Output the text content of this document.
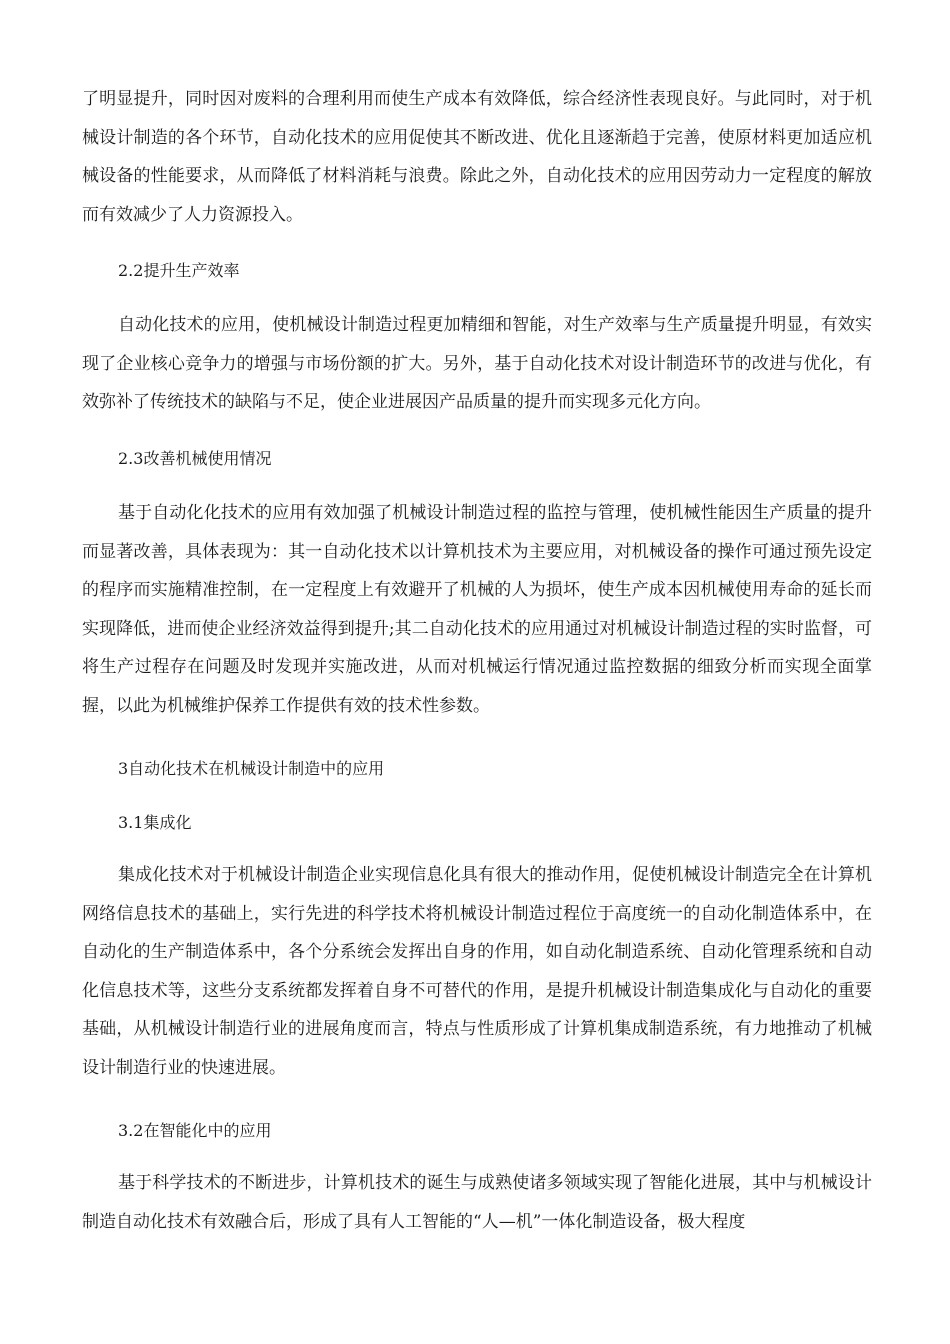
了明显提升，同时因对废料的合理利用而使生产成本有效降低，综合经济性表现良好。与此同时，对于机械设计制造的各个环节，自动化技术的应用促使其不断改进、优化且逐渐趋于完善，使原材料更加适应机械设备的性能要求，从而降低了材料消耗与浪费。除此之外，自动化技术的应用因劳动力一定程度的解放而有效减少了人力资源投入。
2.2提升生产效率
自动化技术的应用，使机械设计制造过程更加精细和智能，对生产效率与生产质量提升明显，有效实现了企业核心竞争力的增强与市场份额的扩大。另外，基于自动化技术对设计制造环节的改进与优化，有效弥补了传统技术的缺陷与不足，使企业进展因产品质量的提升而实现多元化方向。
2.3改善机械使用情况
基于自动化化技术的应用有效加强了机械设计制造过程的监控与管理，使机械性能因生产质量的提升而显著改善，具体表现为：其一自动化技术以计算机技术为主要应用，对机械设备的操作可通过预先设定的程序而实施精准控制，在一定程度上有效避开了机械的人为损坏，使生产成本因机械使用寿命的延长而实现降低，进而使企业经济效益得到提升;其二自动化技术的应用通过对机械设计制造过程的实时监督，可将生产过程存在问题及时发现并实施改进，从而对机械运行情况通过监控数据的细致分析而实现全面掌握，以此为机械维护保养工作提供有效的技术性参数。
3自动化技术在机械设计制造中的应用
3.1集成化
集成化技术对于机械设计制造企业实现信息化具有很大的推动作用，促使机械设计制造完全在计算机网络信息技术的基础上，实行先进的科学技术将机械设计制造过程位于高度统一的自动化制造体系中，在自动化的生产制造体系中，各个分系统会发挥出自身的作用，如自动化制造系统、自动化管理系统和自动化信息技术等，这些分支系统都发挥着自身不可替代的作用，是提升机械设计制造集成化与自动化的重要基础，从机械设计制造行业的进展角度而言，特点与性质形成了计算机集成制造系统，有力地推动了机械设计制造行业的快速进展。
3.2在智能化中的应用
基于科学技术的不断进步，计算机技术的诞生与成熟使诸多领域实现了智能化进展，其中与机械设计制造自动化技术有效融合后，形成了具有人工智能的“人—机”一体化制造设备，极大程度
